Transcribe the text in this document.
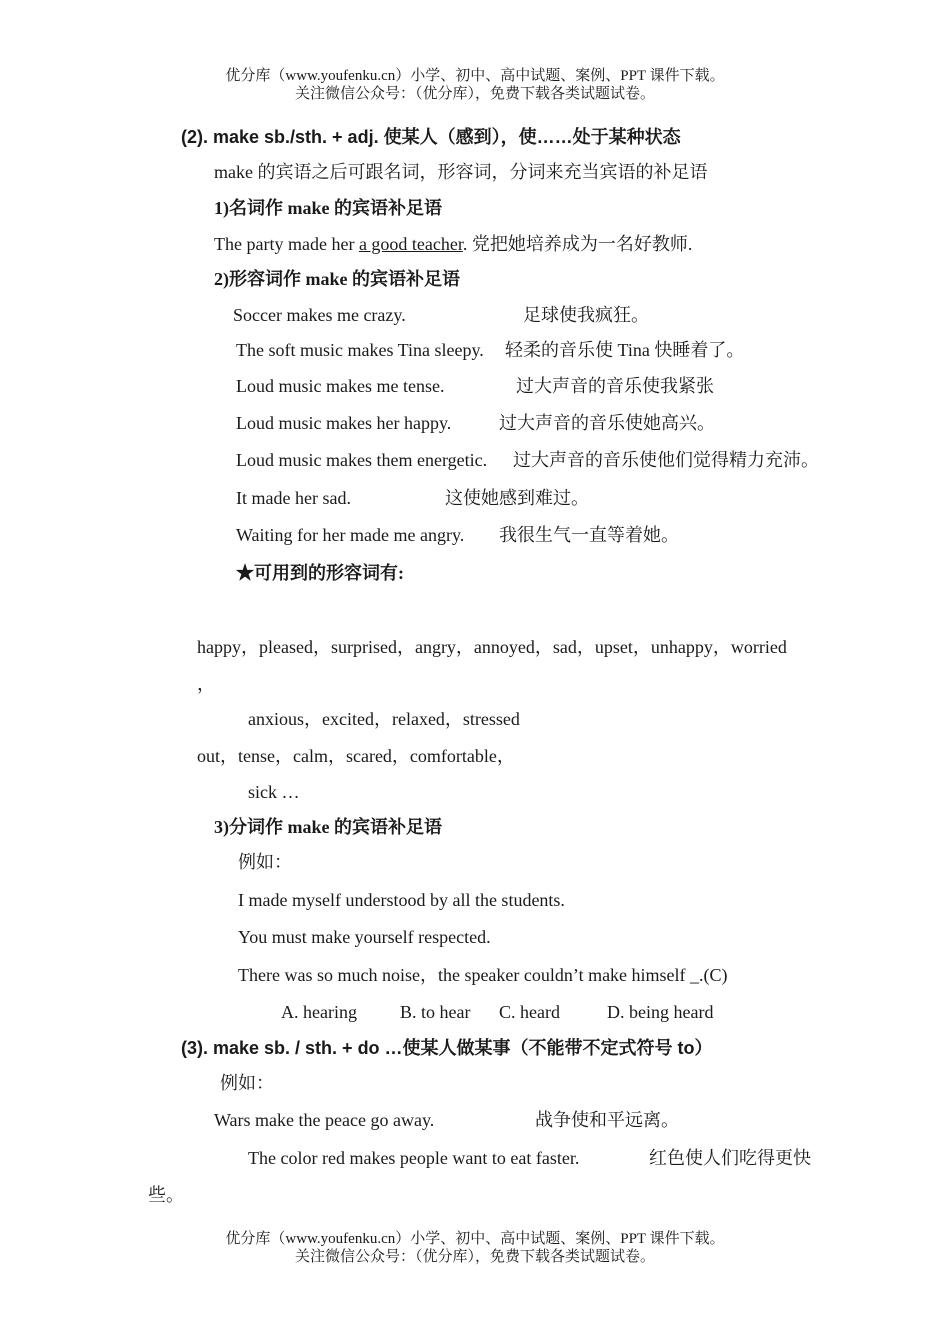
优分库（www.youfenku.cn）小学、初中、高中试题、案例、PPT 课件下载。
关注微信公众号：（优分库），免费下载各类试题试卷。
(2). make sb./sth. + adj. 使某人（感到），使……处于某种状态
make 的宾语之后可跟名词，形容词，分词来充当宾语的补足语
1)名词作 make 的宾语补足语
The party made her a good teacher. 党把她培养成为一名好教师.
2)形容词作 make 的宾语补足语
Soccer makes me crazy.	足球使我疯狂。
The soft music makes Tina sleepy. 轻柔的音乐使 Tina 快睡着了。
Loud music makes me tense.	过大声音的音乐使我紧张
Loud music makes her happy.	过大声音的音乐使她高兴。
Loud music makes them energetic. 过大声音的音乐使他们觉得精力充沛。
It made her sad.	这使她感到难过。
Waiting for her made me angry. 我很生气一直等着她。
★可用到的形容词有:
happy，pleased，surprised，angry，annoyed，sad，upset，unhappy，worried
，
anxious，excited，relaxed，stressed
out，tense，calm，scared，comfortable，
sick …
3)分词作 make 的宾语补足语
例如：
I made myself understood by all the students.
You must make yourself respected.
There was so much noise，the speaker couldn’t make himself _.(C)
A. hearing B. to hear C. heard	D. being heard
(3). make sb. / sth. + do …使某人做某事（不能带不定式符号 to）
例如：
Wars make the peace go away.	战争使和平远离。
The color red makes people want to eat faster.	红色使人们吃得更快
些。
优分库（www.youfenku.cn）小学、初中、高中试题、案例、PPT 课件下载。
关注微信公众号：（优分库），免费下载各类试题试卷。
